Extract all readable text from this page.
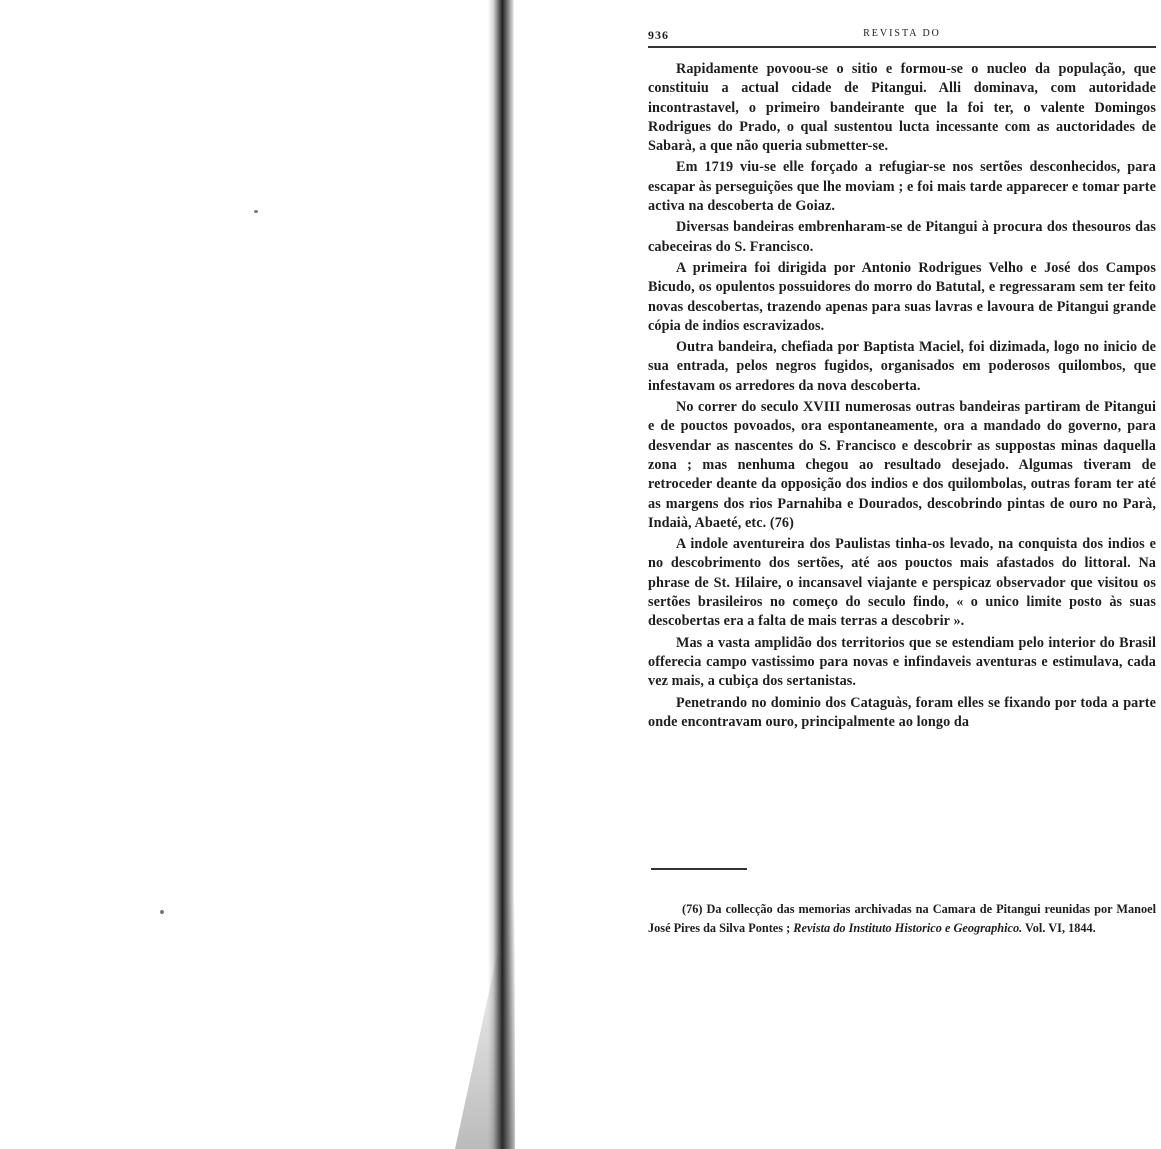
936	REVISTA DO

Rapidamente povoou-se o sitio e formou-se o nucleo da população, que constituiu a actual cidade de Pitangui. Alli dominava, com autoridade incontrastavel, o primeiro bandeirante que la foi ter, o valente Domingos Rodrigues do Prado, o qual sustentou lucta incessante com as auctoridades de Sabarà, a que não queria submetter-se.

Em 1719 viu-se elle forçado a refugiar-se nos sertões desconhecidos, para escapar às perseguições que lhe moviam ; e foi mais tarde apparecer e tomar parte activa na descoberta de Goiaz.

Diversas bandeiras embrenharam-se de Pitangui à procura dos thesouros das cabeceiras do S. Francisco.

A primeira foi dirigida por Antonio Rodrigues Velho e José dos Campos Bicudo, os opulentos possuidores do morro do Batutal, e regressaram sem ter feito novas descobertas, trazendo apenas para suas lavras e lavoura de Pitangui grande cópia de indios escravizados.

Outra bandeira, chefiada por Baptista Maciel, foi dizimada, logo no inicio de sua entrada, pelos negros fugidos, organisados em poderosos quilombos, que infestavam os arredores da nova descoberta.

No correr do seculo XVIII numerosas outras bandeiras partiram de Pitangui e de pouctos povoados, ora espontaneamente, ora a mandado do governo, para desvendar as nascentes do S. Francisco e descobrir as suppostas minas daquella zona ; mas nenhuma chegou ao resultado desejado. Algumas tiveram de retroceder deante da opposição dos indios e dos quilombolas, outras foram ter até as margens dos rios Parnahiba e Dourados, descobrindo pintas de ouro no Parà, Indaià, Abaeté, etc. (76)

A indole aventureira dos Paulistas tinha-os levado, na conquista dos indios e no descobrimento dos sertões, até aos pouctos mais afastados do littoral. Na phrase de St. Hilaire, o incansavel viajante e perspicaz observador que visitou os sertões brasileiros no começo do seculo findo, « o unico limite posto às suas descobertas era a falta de mais terras a descobrir ».

Mas a vasta amplidão dos territorios que se estendiam pelo interior do Brasil offerecia campo vastissimo para novas e infindaveis aventuras e estimulava, cada vez mais, a cubiça dos sertanistas.

Penetrando no dominio dos Cataguàs, foram elles se fixando por toda a parte onde encontravam ouro, principalmente ao longo da

(76) Da collecção das memorias archivadas na Camara de Pitangui reunidas por Manoel José Pires da Silva Pontes ; Revista do Instituto Historico e Geographico. Vol. VI, 1844.
